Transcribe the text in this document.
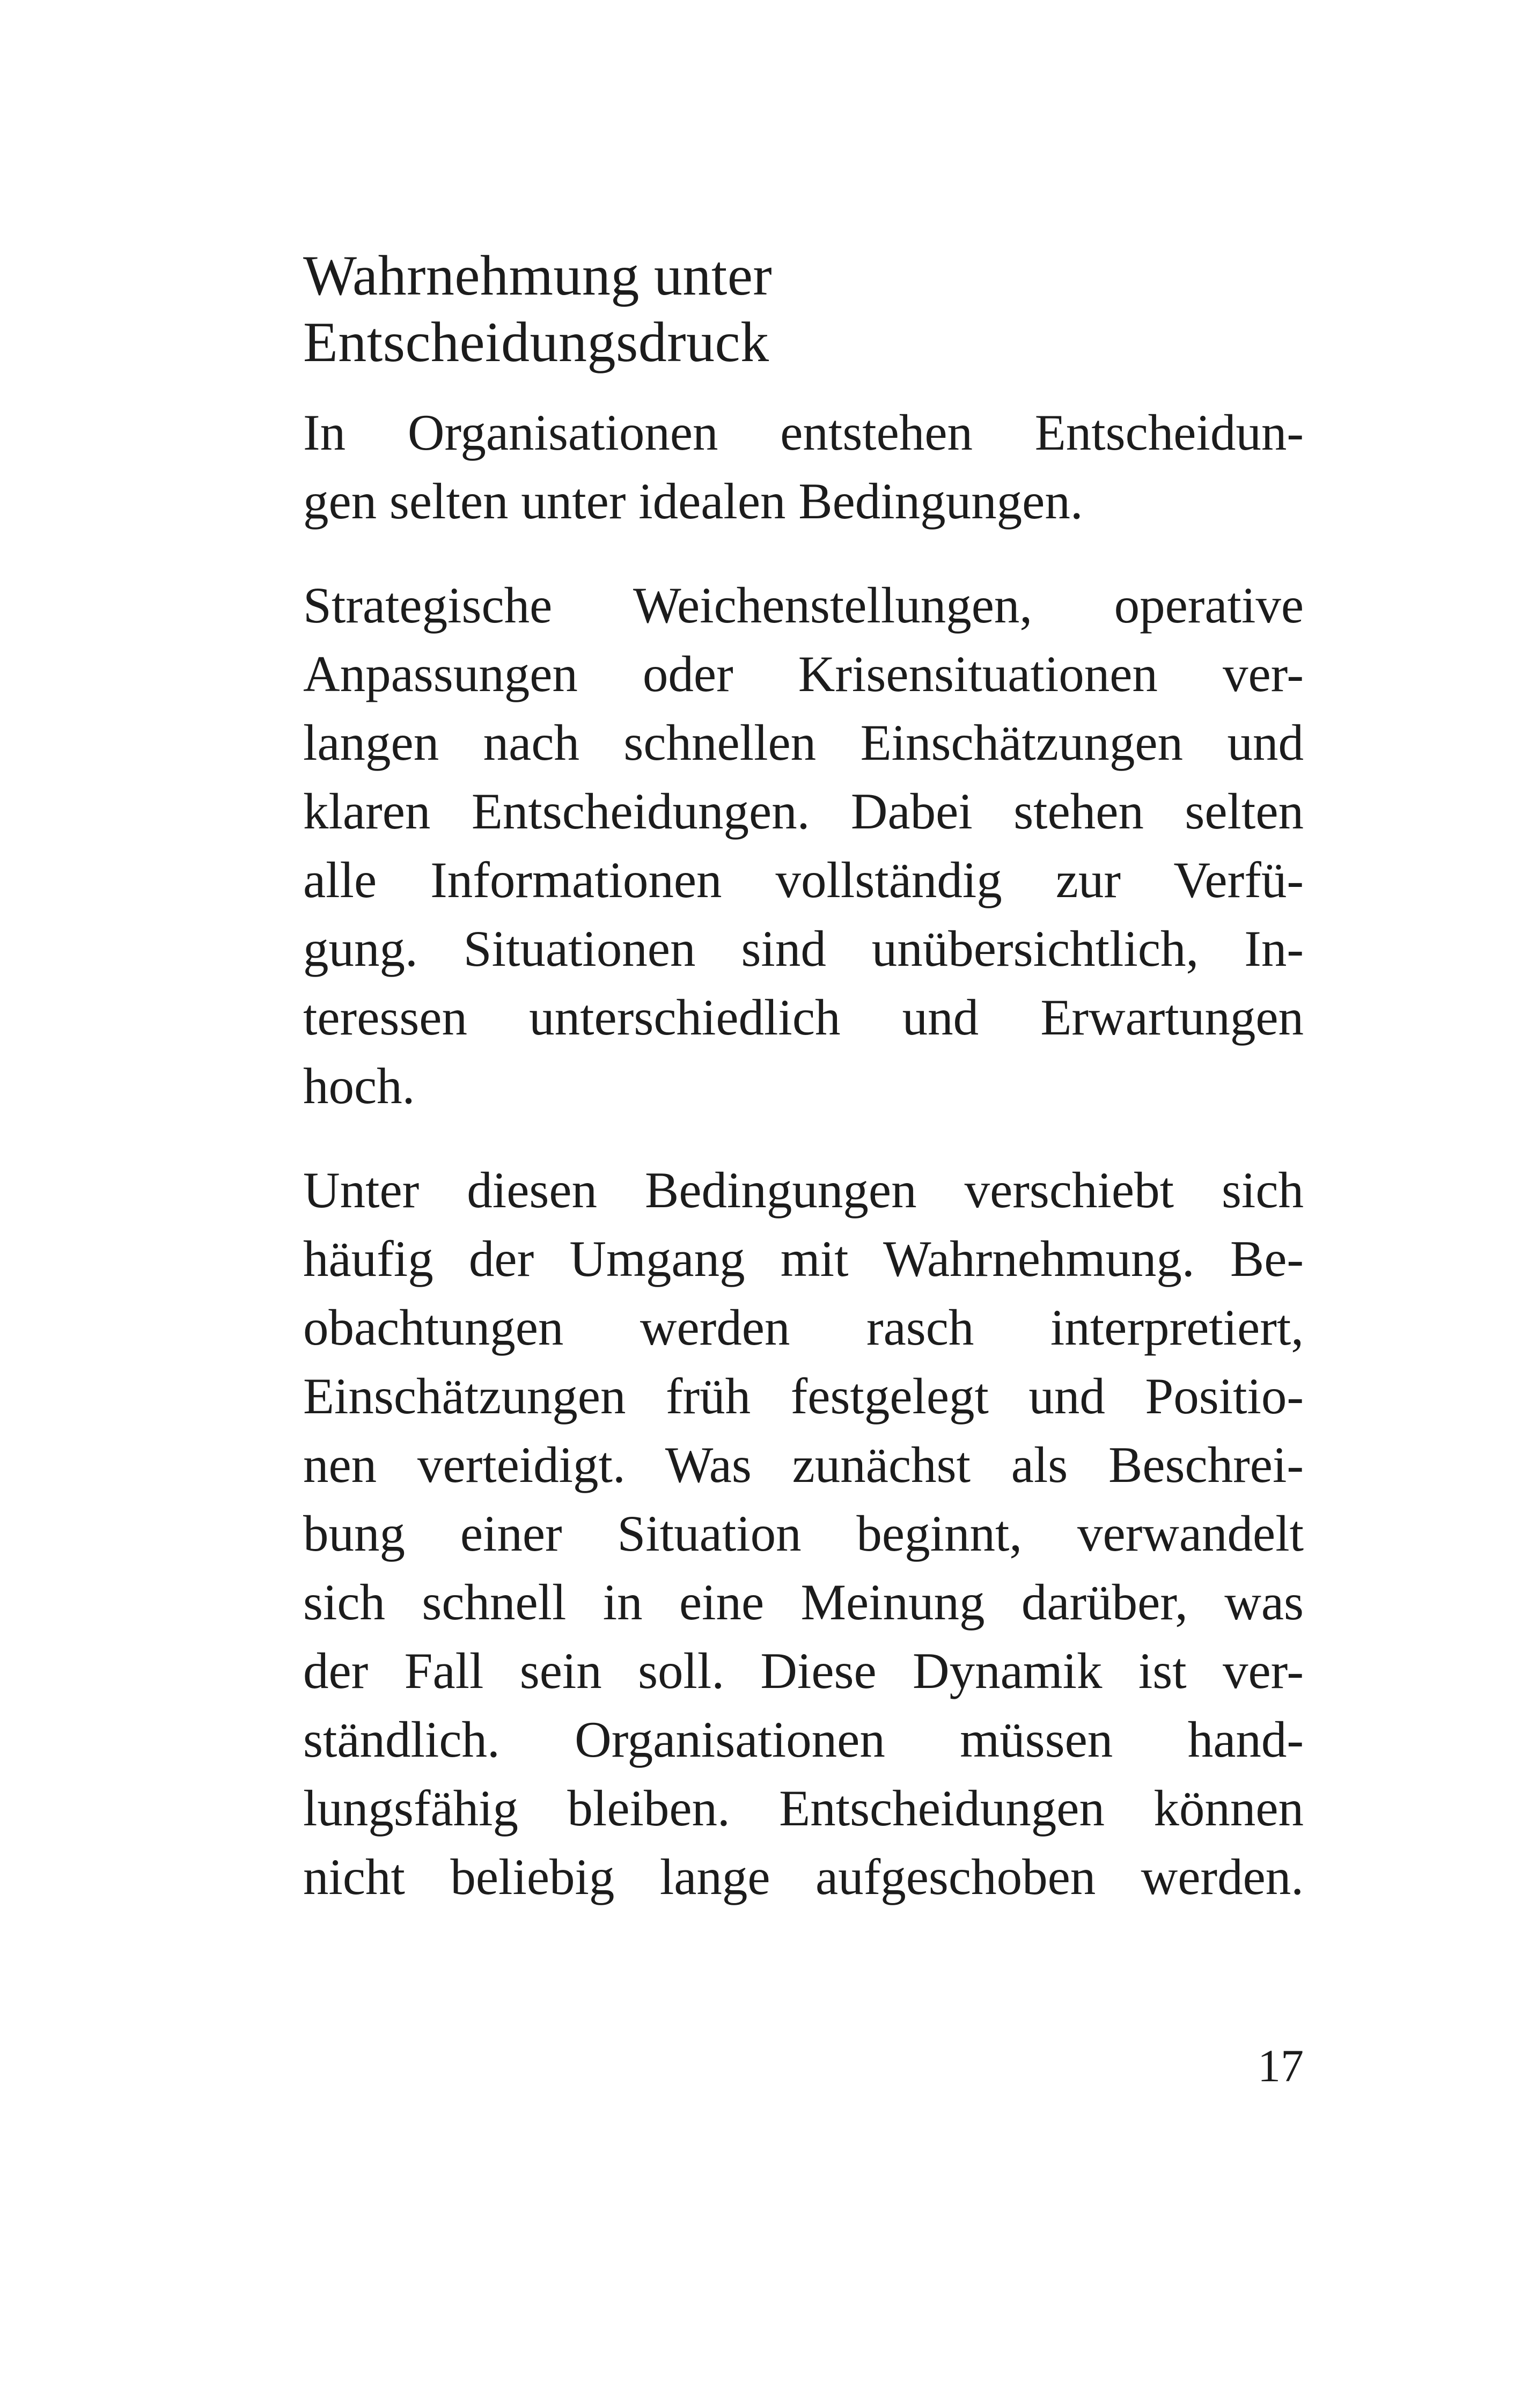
Wahrnehmung unter
Entscheidungsdruck

In Organisationen entstehen Entscheidun-
gen selten unter idealen Bedingungen.

Strategische Weichenstellungen, operative
Anpassungen oder Krisensituationen ver-
langen nach schnellen Einschätzungen und
klaren Entscheidungen. Dabei stehen selten
alle Informationen vollständig zur Verfü-
gung. Situationen sind unübersichtlich, In-
teressen unterschiedlich und Erwartungen
hoch.

Unter diesen Bedingungen verschiebt sich
häufig der Umgang mit Wahrnehmung. Be-
obachtungen werden rasch interpretiert,
Einschätzungen früh festgelegt und Positio-
nen verteidigt. Was zunächst als Beschrei-
bung einer Situation beginnt, verwandelt
sich schnell in eine Meinung darüber, was
der Fall sein soll. Diese Dynamik ist ver-
ständlich. Organisationen müssen hand-
lungsfähig bleiben. Entscheidungen können
nicht beliebig lange aufgeschoben werden.

17
